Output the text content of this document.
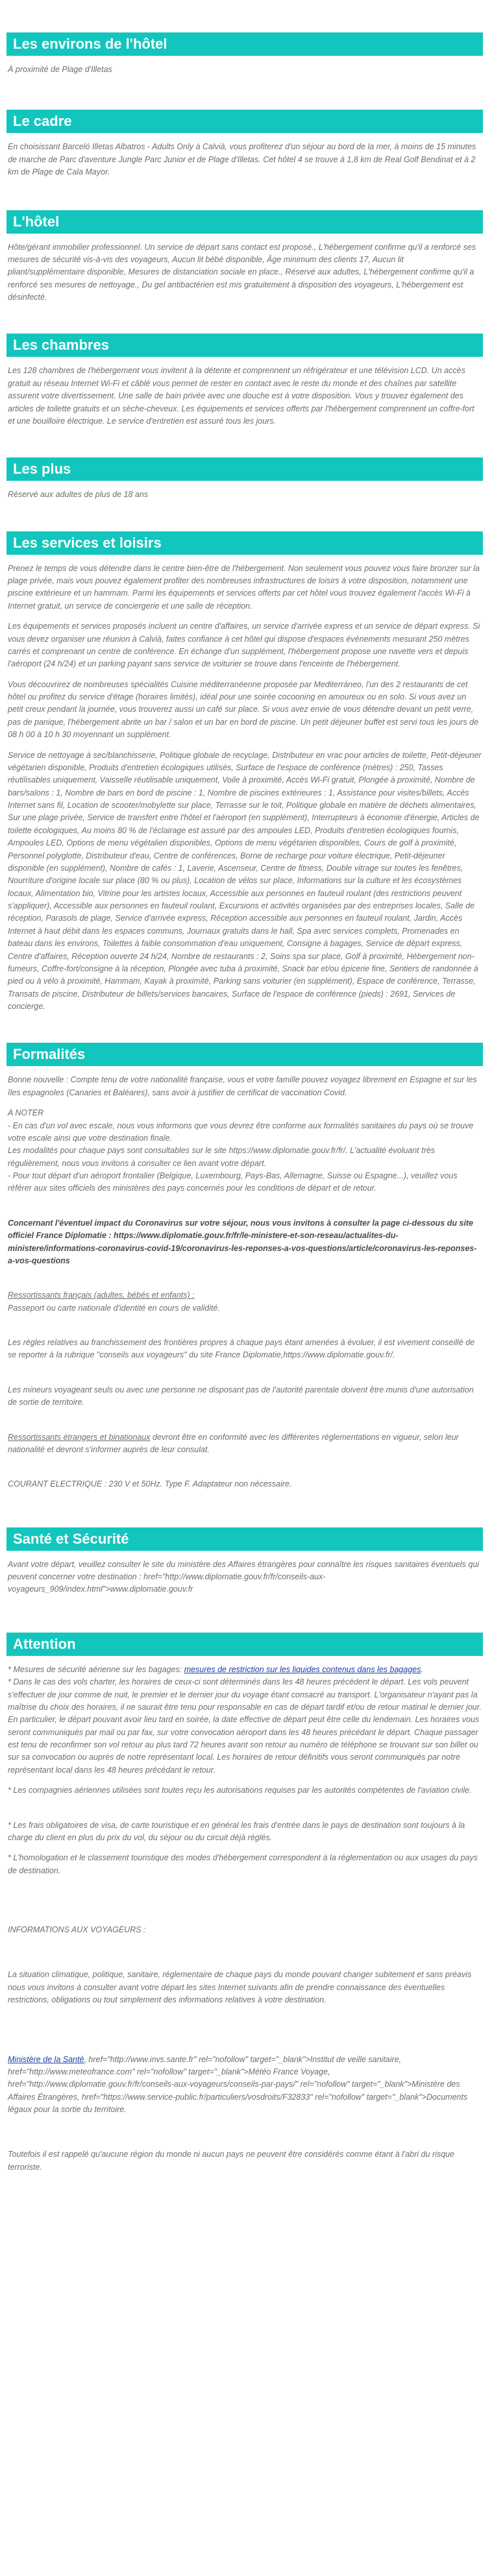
Les environs de l'hôtel

À proximité de Plage d'Illetas

Le cadre

En choisissant Barceló Illetas Albatros - Adults Only à Calvià, vous profiterez d'un séjour au bord de la mer, à moins de 15 minutes de marche de Parc d'aventure Jungle Parc Junior et de Plage d'Illetas. Cet hôtel 4 se trouve à 1,8 km de Real Golf Bendinat et à 2 km de Plage de Cala Mayor.

L'hôtel

Hôte/gérant immobilier professionnel. Un service de départ sans contact est proposé., L'hébergement confirme qu'il a renforcé ses mesures de sécurité vis-à-vis des voyageurs, Aucun lit bébé disponible, Âge minimum des clients 17, Aucun lit pliant/supplémentaire disponible, Mesures de distanciation sociale en place., Réservé aux adultes, L'hébergement confirme qu'il a renforcé ses mesures de nettoyage., Du gel antibactérien est mis gratuitement à disposition des voyageurs, L'hébergement est désinfecté.

Les chambres

Les 128 chambres de l'hébergement vous invitent à la détente et comprennent un réfrigérateur et une télévision LCD. Un accès gratuit au réseau Internet Wi-Fi et câblé vous permet de rester en contact avec le reste du monde et des chaînes par satellite assurent votre divertissement. Une salle de bain privée avec une douche est à votre disposition. Vous y trouvez également des articles de toilette gratuits et un sèche-cheveux. Les équipements et services offerts par l'hébergement comprennent un coffre-fort et une bouilloire électrique. Le service d'entretien est assuré tous les jours.

Les plus

Réservé aux adultes de plus de 18 ans

Les services et loisirs

Prenez le temps de vous détendre dans le centre bien-être de l'hébergement. Non seulement vous pouvez vous faire bronzer sur la plage privée, mais vous pouvez également profiter des nombreuses infrastructures de loisirs à votre disposition, notamment une piscine extérieure et un hammam. Parmi les équipements et services offerts par cet hôtel vous trouvez également l'accès Wi-Fi à Internet gratuit, un service de conciergerie et une salle de réception.

Les équipements et services proposés incluent un centre d'affaires, un service d'arrivée express et un service de départ express. Si vous devez organiser une réunion à Calvià, faites confiance à cet hôtel qui dispose d'espaces événements mesurant 250 mètres carrés et comprenant un centre de conférence. En échange d'un supplément, l'hébergement propose une navette vers et depuis l'aéroport (24 h/24) et un parking payant sans service de voiturier se trouve dans l'enceinte de l'hébergement.

Vous découvrirez de nombreuses spécialités Cuisine méditerranéenne proposée par Mediterráneo, l'un des 2 restaurants de cet hôtel ou profitez du service d'étage (horaires limités), idéal pour une soirée cocooning en amoureux ou en solo. Si vous avez un petit creux pendant la journée, vous trouverez aussi un café sur place. Si vous avez envie de vous détendre devant un petit verre, pas de panique, l'hébergement abrite un bar / salon et un bar en bord de piscine. Un petit déjeuner buffet est servi tous les jours de 08 h 00 à 10 h 30 moyennant un supplément.

Service de nettoyage à sec/blanchisserie, Politique globale de recyclage, Distributeur en vrac pour articles de toilette, Petit-déjeuner végétarien disponible, Produits d'entretien écologiques utilisés, Surface de l'espace de conférence (mètres) : 250, Tasses réutilisables uniquement, Vaisselle réutilisable uniquement, Voile à proximité, Accès Wi-Fi gratuit, Plongée à proximité, Nombre de bars/salons : 1, Nombre de bars en bord de piscine : 1, Nombre de piscines extérieures : 1, Assistance pour visites/billets, Accès Internet sans fil, Location de scooter/mobylette sur place, Terrasse sur le toit, Politique globale en matière de déchets alimentaires, Sur une plage privée, Service de transfert entre l'hôtel et l'aéroport (en supplément), Interrupteurs à économie d'énergie, Articles de toilette écologiques, Au moins 80 % de l'éclairage est assuré par des ampoules LED, Produits d'entretien écologiques fournis, Ampoules LED, Options de menu végétalien disponibles, Options de menu végétarien disponibles, Cours de golf à proximité, Personnel polyglotte, Distributeur d'eau, Centre de conférences, Borne de recharge pour voiture électrique, Petit-déjeuner disponible (en supplément), Nombre de cafés : 1, Laverie, Ascenseur, Centre de fitness, Double vitrage sur toutes les fenêtres, Nourriture d'origine locale sur place (80 % ou plus), Location de vélos sur place, Informations sur la culture et les écosystèmes locaux, Alimentation bio, Vitrine pour les artistes locaux, Accessible aux personnes en fauteuil roulant (des restrictions peuvent s'appliquer), Accessible aux personnes en fauteuil roulant, Excursions et activités organisées par des entreprises locales, Salle de réception, Parasols de plage, Service d'arrivée express, Réception accessible aux personnes en fauteuil roulant, Jardin, Accès Internet à haut débit dans les espaces communs, Journaux gratuits dans le hall, Spa avec services complets, Promenades en bateau dans les environs, Toilettes à faible consommation d'eau uniquement, Consigne à bagages, Service de départ express, Centre d'affaires, Réception ouverte 24 h/24, Nombre de restaurants : 2, Soins spa sur place, Golf à proximité, Hébergement non-fumeurs, Coffre-fort/consigne à la réception, Plongée avec tuba à proximité, Snack bar et/ou épicerie fine, Sentiers de randonnée à pied ou à vélo à proximité, Hammam, Kayak à proximité, Parking sans voiturier (en supplément), Espace de conférence, Terrasse, Transats de piscine, Distributeur de billets/services bancaires, Surface de l'espace de conférence (pieds) : 2691, Services de concierge.

Formalités

Bonne nouvelle : Compte tenu de votre nationalité française, vous et votre famille pouvez voyagez librement en Espagne et sur les îles espagnoles (Canaries et Baléares), sans avoir à justifier de certificat de vaccination Covid.

A NOTER
- En cas d'un vol avec escale, nous vous informons que vous devrez être conforme aux formalités sanitaires du pays où se trouve votre escale ainsi que votre destination finale.
Les modalités pour chaque pays sont consultables sur le site https://www.diplomatie.gouv.fr/fr/. L'actualité évoluant très régulièrement, nous vous invitons à consulter ce lien avant votre départ.
- Pour tout départ d'un aéroport frontalier (Belgique, Luxembourg, Pays-Bas, Allemagne, Suisse ou Espagne...), veuillez vous référer aux sites officiels des ministères des pays concernés pour les conditions de départ et de retour.

Concernant l'éventuel impact du Coronavirus sur votre séjour, nous vous invitons à consulter la page ci-dessous du site officiel France Diplomatie : https://www.diplomatie.gouv.fr/fr/le-ministere-et-son-reseau/actualites-du-ministere/informations-coronavirus-covid-19/coronavirus-les-reponses-a-vos-questions/article/coronavirus-les-reponses-a-vos-questions

Ressortissants français (adultes, bébés et enfants) :
Passeport ou carte nationale d'identité en cours de validité.

Les règles relatives au franchissement des frontières propres à chaque pays étant amenées à évoluer, il est vivement conseillé de se reporter à la rubrique "conseils aux voyageurs" du site France Diplomatie,https://www.diplomatie.gouv.fr/.

Les mineurs voyageant seuls ou avec une personne ne disposant pas de l'autorité parentale doivent être munis d'une autorisation de sortie de territoire.

Ressortissants étrangers et binationaux devront être en conformité avec les différentes réglementations en vigueur, selon leur nationalité et devront s'informer auprès de leur consulat.

COURANT ELECTRIQUE : 230 V et 50Hz. Type F. Adaptateur non nécessaire.

Santé et Sécurité

Avant votre départ, veuillez consulter le site du ministère des Affaires étrangères pour connaître les risques sanitaires éventuels qui peuvent concerner votre destination : href="http://www.diplomatie.gouv.fr/fr/conseils-aux-voyageurs_909/index.html">www.diplomatie.gouv.fr

Attention

* Mesures de sécurité aérienne sur les bagages: mesures de restriction sur les liquides contenus dans les bagages.

* Dans le cas des vols charter, les horaires de ceux-ci sont déterminés dans les 48 heures précédent le départ. Les vols peuvent s'effectuer de jour comme de nuit, le premier et le dernier jour du voyage étant consacré au transport. L'organisateur n'ayant pas la maîtrise du choix des horaires, il ne saurait être tenu pour responsable en cas de départ tardif et/ou de retour matinal le dernier jour. En particulier, le départ pouvant avoir lieu tard en soirée, la date effective de départ peut être celle du lendemain. Les horaires vous seront communiqués par mail ou par fax, sur votre convocation aéroport dans les 48 heures précédant le départ. Chaque passager est tenu de reconfirmer son vol retour au plus tard 72 heures avant son retour au numéro de téléphone se trouvant sur son billet ou sur sa convocation ou auprès de notre représentant local. Les horaires de retour définitifs vous seront communiqués par notre représentant local dans les 48 heures précédant le retour.

* Les compagnies aériennes utilisées sont toutes reçu les autorisations requises par les autorités compétentes de l'aviation civile.

* Les frais obligatoires de visa, de carte touristique et en général les frais d'entrée dans le pays de destination sont toujours à la charge du client en plus du prix du vol, du séjour ou du circuit déjà réglés.

* L'homologation et le classement touristique des modes d'hébergement correspondent à la réglementation ou aux usages du pays de destination.

INFORMATIONS AUX VOYAGEURS :

La situation climatique, politique, sanitaire, réglementaire de chaque pays du monde pouvant changer subitement et sans préavis nous vous invitons à consulter avant votre départ les sites Internet suivants afin de prendre connaissance des éventuelles restrictions, obligations ou tout simplement des informations relatives à votre destination.

Ministère de la Santé, href="http://www.invs.sante.fr" rel="nofollow" target="_blank">Institut de veille sanitaire, href="http://www.meteofrance.com" rel="nofollow" target="_blank">Météo France Voyage, href="http://www.diplomatie.gouv.fr/fr/conseils-aux-voyageurs/conseils-par-pays/" rel="nofollow" target="_blank">Ministère des Affaires Étrangères, href="https://www.service-public.fr/particuliers/vosdroits/F32833" rel="nofollow" target="_blank">Documents légaux pour la sortie du territoire.

Toutefois il est rappelé qu'aucune région du monde ni aucun pays ne peuvent être considérés comme étant à l'abri du risque terroriste.
